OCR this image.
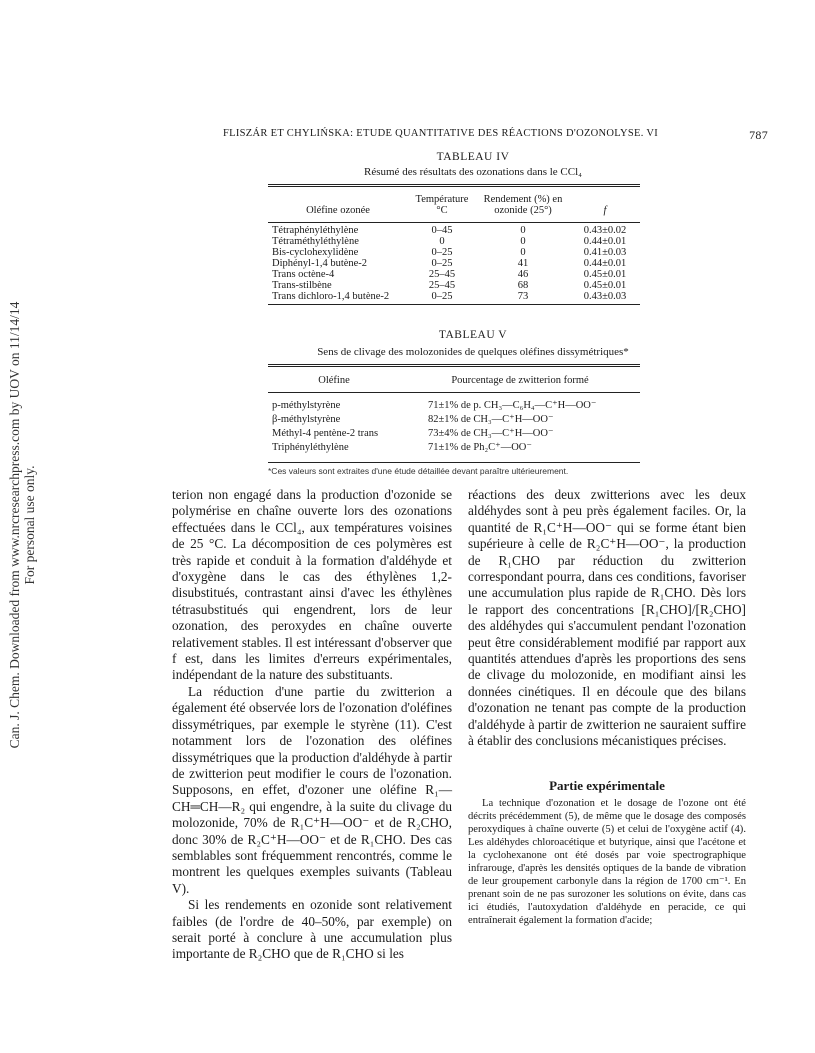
Can. J. Chem. Downloaded from www.nrcresearchpress.com by UOV on 11/14/14 For personal use only.
FLISZÁR ET CHYLIŃSKA: ETUDE QUANTITATIVE DES RÉACTIONS D'OZONOLYSE. VI	787
TABLEAU IV
Résumé des résultats des ozonations dans le CCl₄
Oléfine ozonée	Température °C	Rendement (%) en ozonide (25°)	f
Tétraphényléthylène	0–45	0	0.43±0.02
Tétraméthyléthylène	0	0	0.44±0.01
Bis-cyclohexylidène	0–25	0	0.41±0.03
Diphényl-1,4 butène-2	0–25	41	0.44±0.01
Trans octène-4	25–45	46	0.45±0.01
Trans-stilbène	25–45	68	0.45±0.01
Trans dichloro-1,4 butène-2	0–25	73	0.43±0.03
TABLEAU V
Sens de clivage des molozonides de quelques oléfines dissymétriques*
Oléfine	Pourcentage de zwitterion formé
p-méthylstyrène	71±1% de p. CH₃—C₆H₄—C⁺H—OO⁻
β-méthylstyrène	82±1% de CH₃—C⁺H—OO⁻
Méthyl-4 pentène-2 trans	73±4% de CH₃—C⁺H—OO⁻
Triphényléthylène	71±1% de Ph₂C⁺—OO⁻
*Ces valeurs sont extraites d'une étude détaillée devant paraître ultérieurement.

terion non engagé dans la production d'ozonide se polymérise en chaîne ouverte lors des ozonations effectuées dans le CCl₄, aux températures voisines de 25 °C. La décomposition de ces polymères est très rapide et conduit à la formation d'aldéhyde et d'oxygène dans le cas des éthylènes 1,2-disubstitués, contrastant ainsi d'avec les éthylènes tétrasubstitués qui engendrent, lors de leur ozonation, des peroxydes en chaîne ouverte relativement stables. Il est intéressant d'observer que f est, dans les limites d'erreurs expérimentales, indépendant de la nature des substituants.

La réduction d'une partie du zwitterion a également été observée lors de l'ozonation d'oléfines dissymétriques, par exemple le styrène (11). C'est notamment lors de l'ozonation des oléfines dissymétriques que la production d'aldéhyde à partir de zwitterion peut modifier le cours de l'ozonation. Supposons, en effet, d'ozoner une oléfine R₁—CH═CH—R₂ qui engendre, à la suite du clivage du molozonide, 70% de R₁C⁺H—OO⁻ et de R₂CHO, donc 30% de R₂C⁺H—OO⁻ et de R₁CHO. Des cas semblables sont fréquemment rencontrés, comme le montrent les quelques exemples suivants (Tableau V).

Si les rendements en ozonide sont relativement faibles (de l'ordre de 40–50%, par exemple) on serait porté à conclure à une accumulation plus importante de R₂CHO que de R₁CHO si les

réactions des deux zwitterions avec les deux aldéhydes sont à peu près également faciles. Or, la quantité de R₁C⁺H—OO⁻ qui se forme étant bien supérieure à celle de R₂C⁺H—OO⁻, la production de R₁CHO par réduction du zwitterion correspondant pourra, dans ces conditions, favoriser une accumulation plus rapide de R₁CHO. Dès lors le rapport des concentrations [R₁CHO]/[R₂CHO] des aldéhydes qui s'accumulent pendant l'ozonation peut être considérablement modifié par rapport aux quantités attendues d'après les proportions des sens de clivage du molozonide, en modifiant ainsi les données cinétiques. Il en découle que des bilans d'ozonation ne tenant pas compte de la production d'aldéhyde à partir de zwitterion ne sauraient suffire à établir des conclusions mécanistiques précises.

Partie expérimentale

La technique d'ozonation et le dosage de l'ozone ont été décrits précédemment (5), de même que le dosage des composés peroxydiques à chaîne ouverte (5) et celui de l'oxygène actif (4). Les aldéhydes chloroacétique et butyrique, ainsi que l'acétone et la cyclohexanone ont été dosés par voie spectrographique infrarouge, d'après les densités optiques de la bande de vibration de leur groupement carbonyle dans la région de 1700 cm⁻¹. En prenant soin de ne pas surozoner les solutions on évite, dans cas ici étudiés, l'autoxydation d'aldéhyde en peracide, ce qui entraînerait également la formation d'acide;
